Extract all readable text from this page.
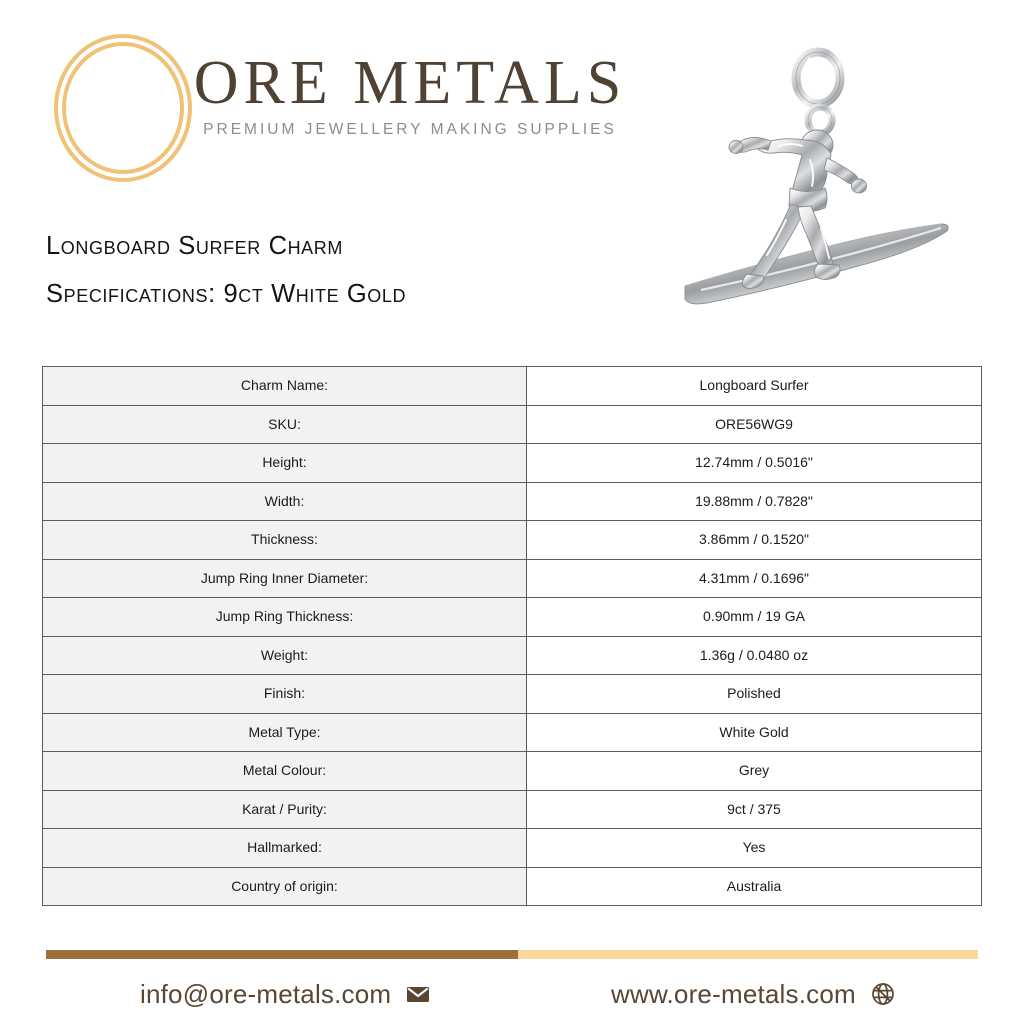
ORE METALS
PREMIUM JEWELLERY MAKING SUPPLIES
Longboard Surfer Charm
Specifications: 9ct White Gold
Charm Name:	Longboard Surfer
SKU:	ORE56WG9
Height:	12.74mm / 0.5016"
Width:	19.88mm / 0.7828"
Thickness:	3.86mm / 0.1520"
Jump Ring Inner Diameter:	4.31mm / 0.1696"
Jump Ring Thickness:	0.90mm / 19 GA
Weight:	1.36g / 0.0480 oz
Finish:	Polished
Metal Type:	White Gold
Metal Colour:	Grey
Karat / Purity:	9ct / 375
Hallmarked:	Yes
Country of origin:	Australia
info@ore-metals.com	www.ore-metals.com
